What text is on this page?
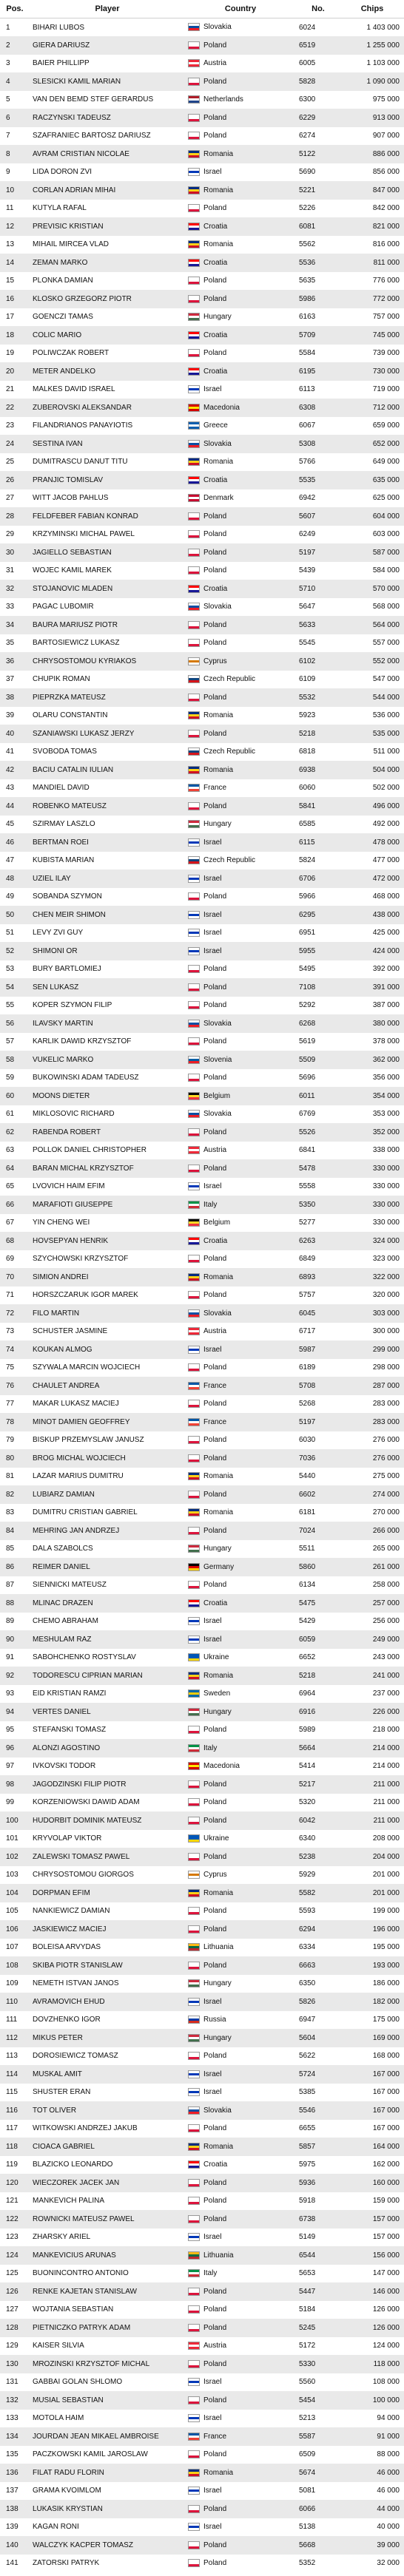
Pos.	Player	Country	No.	Chips
1	BIHARI LUBOS	Slovakia	6024	1 403 000
2	GIERA DARIUSZ	Poland	6519	1 255 000
3	BAIER PHILLIPP	Austria	6005	1 103 000
4	SLESICKI KAMIL MARIAN	Poland	5828	1 090 000
5	VAN DEN BEMD STEF GERARDUS	Netherlands	6300	975 000
6	RACZYNSKI TADEUSZ	Poland	6229	913 000
7	SZAFRANIEC BARTOSZ DARIUSZ	Poland	6274	907 000
8	AVRAM CRISTIAN NICOLAE	Romania	5122	886 000
9	LIDA DORON ZVI	Israel	5690	856 000
10	CORLAN ADRIAN MIHAI	Romania	5221	847 000
11	KUTYLA RAFAL	Poland	5226	842 000
12	PREVISIC KRISTIAN	Croatia	6081	821 000
13	MIHAIL MIRCEA VLAD	Romania	5562	816 000
14	ZEMAN MARKO	Croatia	5536	811 000
15	PLONKA DAMIAN	Poland	5635	776 000
16	KLOSKO GRZEGORZ PIOTR	Poland	5986	772 000
17	GOENCZI TAMAS	Hungary	6163	757 000
18	COLIC MARIO	Croatia	5709	745 000
19	POLIWCZAK ROBERT	Poland	5584	739 000
20	METER ANDELKO	Croatia	6195	730 000
21	MALKES DAVID ISRAEL	Israel	6113	719 000
22	ZUBEROVSKI ALEKSANDAR	Macedonia	6308	712 000
23	FILANDRIANOS PANAYIOTIS	Greece	6067	659 000
24	SESTINA IVAN	Slovakia	5308	652 000
25	DUMITRASCU DANUT TITU	Romania	5766	649 000
26	PRANJIC TOMISLAV	Croatia	5535	635 000
27	WITT JACOB PAHLUS	Denmark	6942	625 000
28	FELDFEBER FABIAN KONRAD	Poland	5607	604 000
29	KRZYMINSKI MICHAL PAWEL	Poland	6249	603 000
30	JAGIELLO SEBASTIAN	Poland	5197	587 000
31	WOJEC KAMIL MAREK	Poland	5439	584 000
32	STOJANOVIC MLADEN	Croatia	5710	570 000
33	PAGAC LUBOMIR	Slovakia	5647	568 000
34	BAURA MARIUSZ PIOTR	Poland	5633	564 000
35	BARTOSIEWICZ LUKASZ	Poland	5545	557 000
36	CHRYSOSTOMOU KYRIAKOS	Cyprus	6102	552 000
37	CHUPIK ROMAN	Czech Republic	6109	547 000
38	PIEPRZKA MATEUSZ	Poland	5532	544 000
39	OLARU CONSTANTIN	Romania	5923	536 000
40	SZANIAWSKI LUKASZ JERZY	Poland	5218	535 000
41	SVOBODA TOMAS	Czech Republic	6818	511 000
42	BACIU CATALIN IULIAN	Romania	6938	504 000
43	MANDIEL DAVID	France	6060	502 000
44	ROBENKO MATEUSZ	Poland	5841	496 000
45	SZIRMAY LASZLO	Hungary	6585	492 000
46	BERTMAN ROEI	Israel	6115	478 000
47	KUBISTA MARIAN	Czech Republic	5824	477 000
48	UZIEL ILAY	Israel	6706	472 000
49	SOBANDA SZYMON	Poland	5966	468 000
50	CHEN MEIR SHIMON	Israel	6295	438 000
51	LEVY ZVI GUY	Israel	6951	425 000
52	SHIMONI OR	Israel	5955	424 000
53	BURY BARTLOMIEJ	Poland	5495	392 000
54	SEN LUKASZ	Poland	7108	391 000
55	KOPER SZYMON FILIP	Poland	5292	387 000
56	ILAVSKY MARTIN	Slovakia	6268	380 000
57	KARLIK DAWID KRZYSZTOF	Poland	5619	378 000
58	VUKELIC MARKO	Slovenia	5509	362 000
59	BUKOWINSKI ADAM TADEUSZ	Poland	5696	356 000
60	MOONS DIETER	Belgium	6011	354 000
61	MIKLOSOVIC RICHARD	Slovakia	6769	353 000
62	RABENDA ROBERT	Poland	5526	352 000
63	POLLOK DANIEL CHRISTOPHER	Austria	6841	338 000
64	BARAN MICHAL KRZYSZTOF	Poland	5478	330 000
65	LVOVICH HAIM EFIM	Israel	5558	330 000
66	MARAFIOTI GIUSEPPE	Italy	5350	330 000
67	YIN CHENG WEI	Belgium	5277	330 000
68	HOVSEPYAN HENRIK	Croatia	6263	324 000
69	SZYCHOWSKI KRZYSZTOF	Poland	6849	323 000
70	SIMION ANDREI	Romania	6893	322 000
71	HORSZCZARUK IGOR MAREK	Poland	5757	320 000
72	FILO MARTIN	Slovakia	6045	303 000
73	SCHUSTER JASMINE	Austria	6717	300 000
74	KOUKAN ALMOG	Israel	5987	299 000
75	SZYWALA MARCIN WOJCIECH	Poland	6189	298 000
76	CHAULET ANDREA	France	5708	287 000
77	MAKAR LUKASZ MACIEJ	Poland	5268	283 000
78	MINOT DAMIEN GEOFFREY	France	5197	283 000
79	BISKUP PRZEMYSLAW JANUSZ	Poland	6030	276 000
80	BROG MICHAL WOJCIECH	Poland	7036	276 000
81	LAZAR MARIUS DUMITRU	Romania	5440	275 000
82	LUBIARZ DAMIAN	Poland	6602	274 000
83	DUMITRU CRISTIAN GABRIEL	Romania	6181	270 000
84	MEHRING JAN ANDRZEJ	Poland	7024	266 000
85	DALA SZABOLCS	Hungary	5511	265 000
86	REIMER DANIEL	Germany	5860	261 000
87	SIENNICKI MATEUSZ	Poland	6134	258 000
88	MLINAC DRAZEN	Croatia	5475	257 000
89	CHEMO ABRAHAM	Israel	5429	256 000
90	MESHULAM RAZ	Israel	6059	249 000
91	SABOHCHENKO ROSTYSLAV	Ukraine	6652	243 000
92	TODORESCU CIPRIAN MARIAN	Romania	5218	241 000
93	EID KRISTIAN RAMZI	Sweden	6964	237 000
94	VERTES DANIEL	Hungary	6916	226 000
95	STEFANSKI TOMASZ	Poland	5989	218 000
96	ALONZI AGOSTINO	Italy	5664	214 000
97	IVKOVSKI TODOR	Macedonia	5414	214 000
98	JAGODZINSKI FILIP PIOTR	Poland	5217	211 000
99	KORZENIOWSKI DAWID ADAM	Poland	5320	211 000
100	HUDORBIT DOMINIK MATEUSZ	Poland	6042	211 000
101	KRYVOLAP VIKTOR	Ukraine	6340	208 000
102	ZALEWSKI TOMASZ PAWEL	Poland	5238	204 000
103	CHRYSOSTOMOU GIORGOS	Cyprus	5929	201 000
104	DORPMAN EFIM	Romania	5582	201 000
105	NANKIEWICZ DAMIAN	Poland	5593	199 000
106	JASKIEWICZ MACIEJ	Poland	6294	196 000
107	BOLEISA ARVYDAS	Lithuania	6334	195 000
108	SKIBA PIOTR STANISLAW	Poland	6663	193 000
109	NEMETH ISTVAN JANOS	Hungary	6350	186 000
110	AVRAMOVICH EHUD	Israel	5826	182 000
111	DOVZHENKO IGOR	Russia	6947	175 000
112	MIKUS PETER	Hungary	5604	169 000
113	DOROSIEWICZ TOMASZ	Poland	5622	168 000
114	MUSKAL AMIT	Israel	5724	167 000
115	SHUSTER ERAN	Israel	5385	167 000
116	TOT OLIVER	Slovakia	5546	167 000
117	WITKOWSKI ANDRZEJ JAKUB	Poland	6655	167 000
118	CIOACA GABRIEL	Romania	5857	164 000
119	BLAZICKO LEONARDO	Croatia	5975	162 000
120	WIECZOREK JACEK JAN	Poland	5936	160 000
121	MANKEVICH PALINA	Poland	5918	159 000
122	ROWNICKI MATEUSZ PAWEL	Poland	6738	157 000
123	ZHARSKY ARIEL	Israel	5149	157 000
124	MANKEVICIUS ARUNAS	Lithuania	6544	156 000
125	BUONINCONTRO ANTONIO	Italy	5653	147 000
126	RENKE KAJETAN STANISLAW	Poland	5447	146 000
127	WOJTANIA SEBASTIAN	Poland	5184	126 000
128	PIETNICZKO PATRYK ADAM	Poland	5245	126 000
129	KAISER SILVIA	Austria	5172	124 000
130	MROZINSKI KRZYSZTOF MICHAL	Poland	5330	118 000
131	GABBAI GOLAN SHLOMO	Israel	5560	108 000
132	MUSIAL SEBASTIAN	Poland	5454	100 000
133	MOTOLA HAIM	Israel	5213	94 000
134	JOURDAN JEAN MIKAEL AMBROISE	France	5587	91 000
135	PACZKOWSKI KAMIL JAROSLAW	Poland	6509	88 000
136	FILAT RADU FLORIN	Romania	5674	46 000
137	GRAMA KVOIMLOM	Israel	5081	46 000
138	LUKASIK KRYSTIAN	Poland	6066	44 000
139	KAGAN RONI	Israel	5138	40 000
140	WALCZYK KACPER TOMASZ	Poland	5668	39 000
141	ZATORSKI PATRYK	Poland	5352	32 000
